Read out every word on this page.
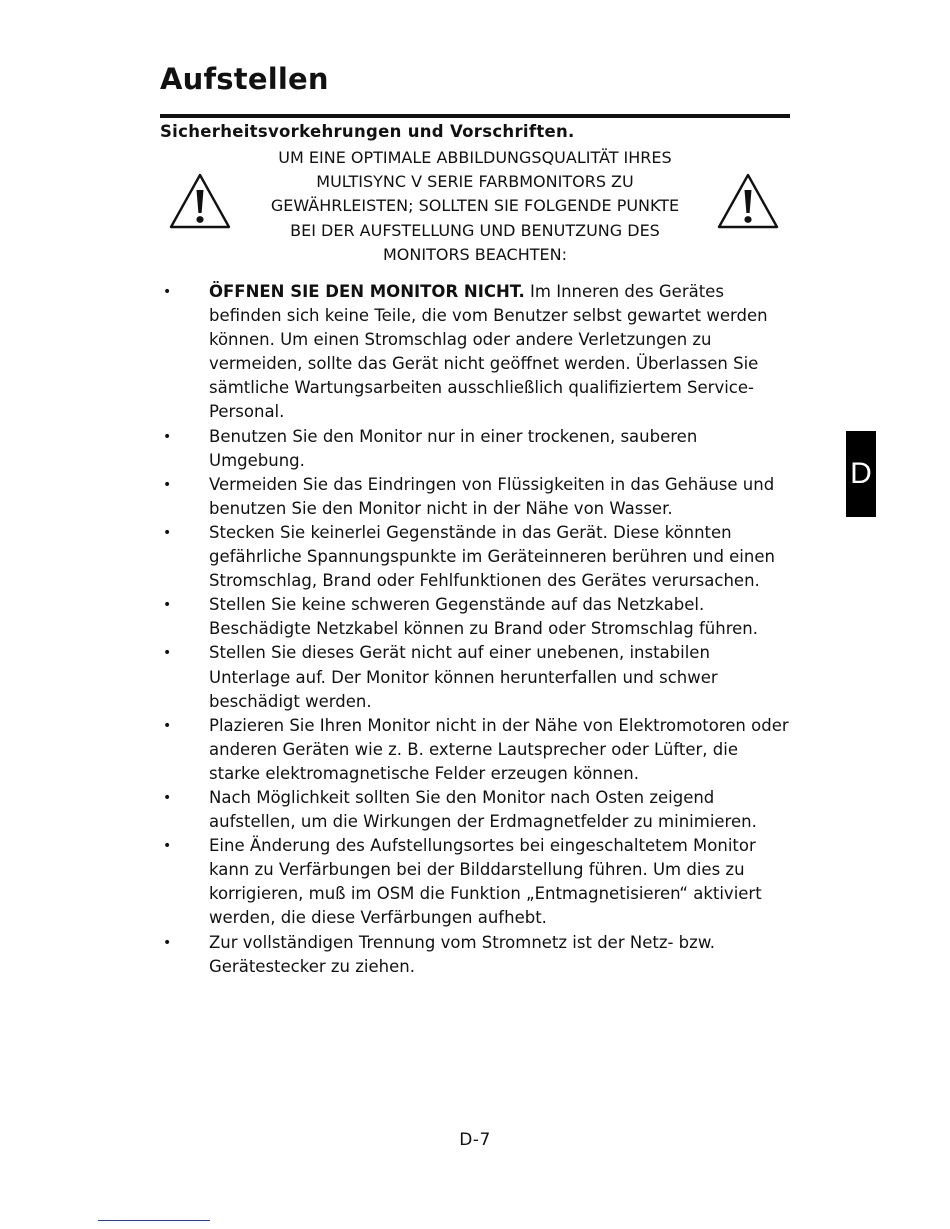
Aufstellen
Sicherheitsvorkehrungen und Vorschriften.
UM EINE OPTIMALE ABBILDUNGSQUALITÄT IHRES
MULTISYNC V SERIE FARBMONITORS ZU
GEWÄHRLEISTEN; SOLLTEN SIE FOLGENDE PUNKTE
BEI DER AUFSTELLUNG UND BENUTZUNG DES
MONITORS BEACHTEN:
• ÖFFNEN SIE DEN MONITOR NICHT. Im Inneren des Gerätes befinden sich keine Teile, die vom Benutzer selbst gewartet werden können. Um einen Stromschlag oder andere Verletzungen zu vermeiden, sollte das Gerät nicht geöffnet werden. Überlassen Sie sämtliche Wartungsarbeiten ausschließlich qualifiziertem Service-Personal.
• Benutzen Sie den Monitor nur in einer trockenen, sauberen Umgebung.
• Vermeiden Sie das Eindringen von Flüssigkeiten in das Gehäuse und benutzen Sie den Monitor nicht in der Nähe von Wasser.
• Stecken Sie keinerlei Gegenstände in das Gerät. Diese könnten gefährliche Spannungspunkte im Geräteinneren berühren und einen Stromschlag, Brand oder Fehlfunktionen des Gerätes verursachen.
• Stellen Sie keine schweren Gegenstände auf das Netzkabel. Beschädigte Netzkabel können zu Brand oder Stromschlag führen.
• Stellen Sie dieses Gerät nicht auf einer unebenen, instabilen Unterlage auf. Der Monitor können herunterfallen und schwer beschädigt werden.
• Plazieren Sie Ihren Monitor nicht in der Nähe von Elektromotoren oder anderen Geräten wie z. B. externe Lautsprecher oder Lüfter, die starke elektromagnetische Felder erzeugen können.
• Nach Möglichkeit sollten Sie den Monitor nach Osten zeigend aufstellen, um die Wirkungen der Erdmagnetfelder zu minimieren.
• Eine Änderung des Aufstellungsortes bei eingeschaltetem Monitor kann zu Verfärbungen bei der Bilddarstellung führen. Um dies zu korrigieren, muß im OSM die Funktion „Entmagnetisieren“ aktiviert werden, die diese Verfärbungen aufhebt.
• Zur vollständigen Trennung vom Stromnetz ist der Netz- bzw. Gerätestecker zu ziehen.
D
D-7
